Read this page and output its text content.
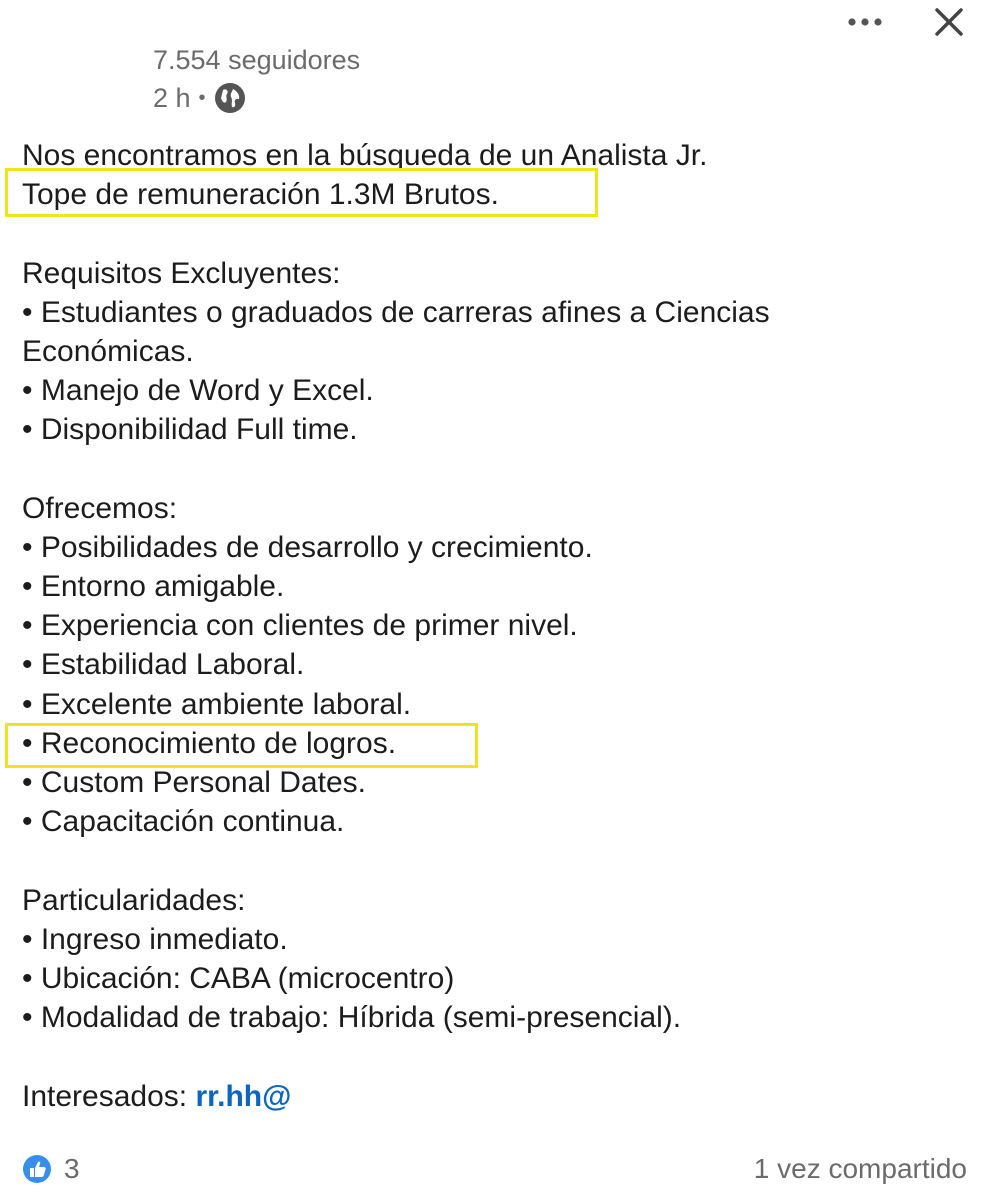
7.554 seguidores
2 h •
Nos encontramos en la búsqueda de un Analista Jr.
Tope de remuneración 1.3M Brutos.
Requisitos Excluyentes:
• Estudiantes o graduados de carreras afines a Ciencias
Económicas.
• Manejo de Word y Excel.
• Disponibilidad Full time.
Ofrecemos:
• Posibilidades de desarrollo y crecimiento.
• Entorno amigable.
• Experiencia con clientes de primer nivel.
• Estabilidad Laboral.
• Excelente ambiente laboral.
• Reconocimiento de logros.
• Custom Personal Dates.
• Capacitación continua.
Particularidades:
• Ingreso inmediato.
• Ubicación: CABA (microcentro)
• Modalidad de trabajo: Híbrida (semi-presencial).
Interesados: rr.hh@
3	1 vez compartido
